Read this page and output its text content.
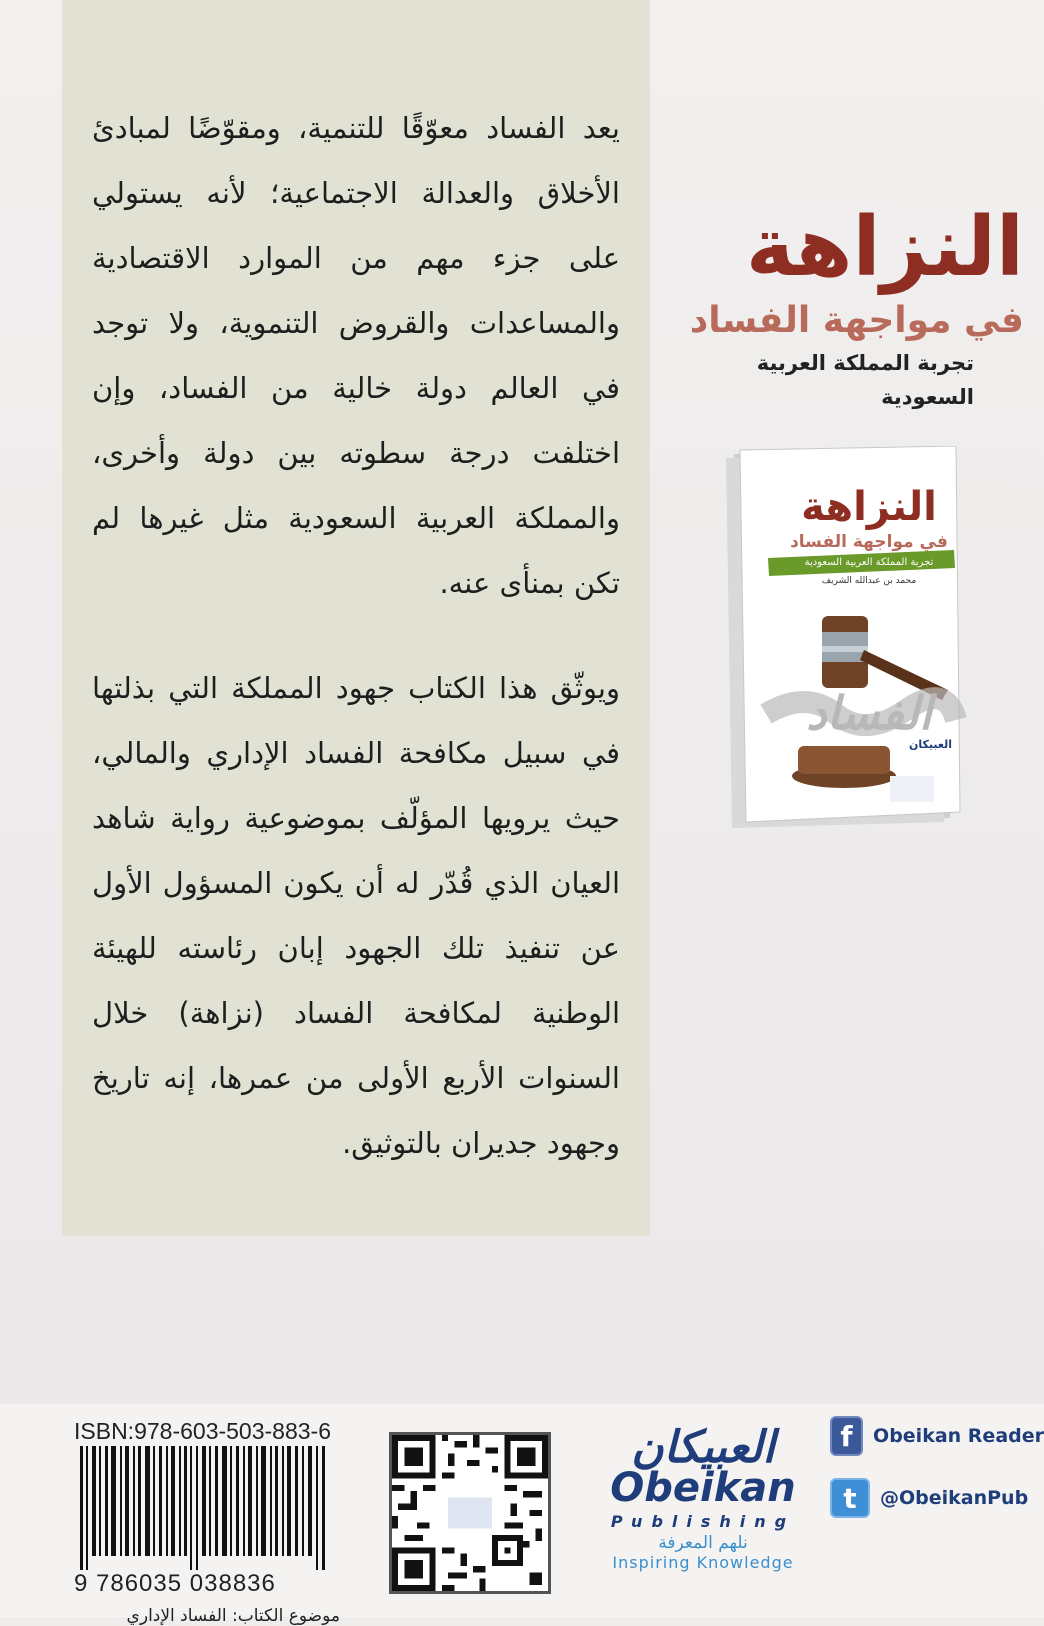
يعد الفساد معوّقًا للتنمية، ومقوّضًا لمبادئ الأخلاق والعدالة الاجتماعية؛ لأنه يستولي على جزء مهم من الموارد الاقتصادية والمساعدات والقروض التنموية، ولا توجد في العالم دولة خالية من الفساد، وإن اختلفت درجة سطوته بين دولة وأخرى، والمملكة العربية السعودية مثل غيرها لم تكن بمنأى عنه.

ويوثّق هذا الكتاب جهود المملكة التي بذلتها في سبيل مكافحة الفساد الإداري والمالي، حيث يرويها المؤلّف بموضوعية رواية شاهد العيان الذي قُدّر له أن يكون المسؤول الأول عن تنفيذ تلك الجهود إبان رئاسته للهيئة الوطنية لمكافحة الفساد (نزاهة) خلال السنوات الأربع الأولى من عمرها، إنه تاريخ وجهود جديران بالتوثيق.

النزاهة
في مواجهة الفساد
تجربة المملكة العربية السعودية
النزاهة
في مواجهة الفساد
تجربة المملكة العربية السعودية
محمد بن عبدالله الشريف
الفساد
العبيكان
ISBN:978-603-503-883-6
9 786035 038836
موضوع الكتاب: الفساد الإداري
العبيكان
Obeikan
Publishing
نلهم المعرفة
Inspiring Knowledge
f	Obeikan Reader
t	@ObeikanPub
